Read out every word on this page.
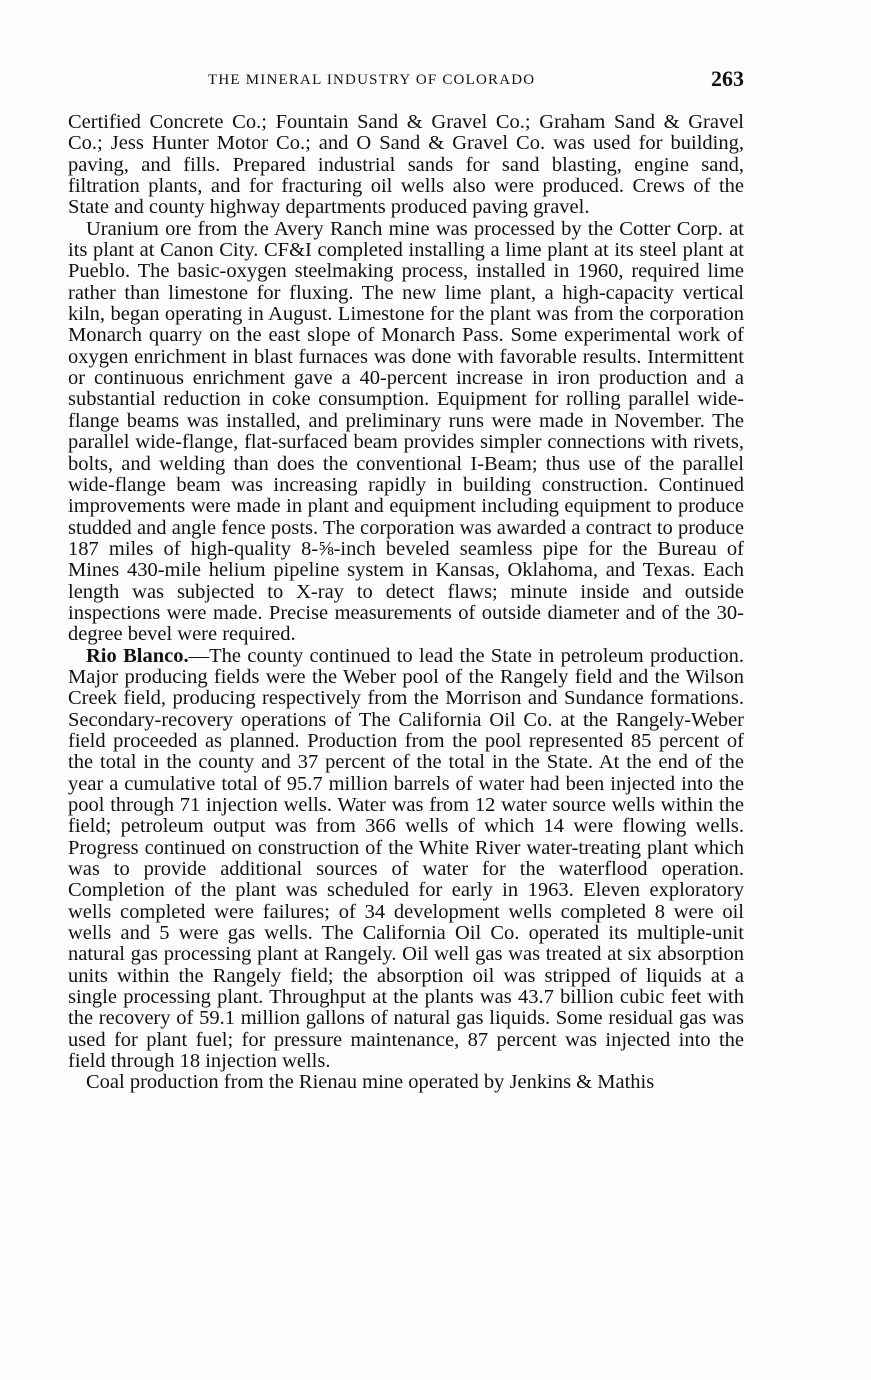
THE MINERAL INDUSTRY OF COLORADO	263

Certified Concrete Co.; Fountain Sand & Gravel Co.; Graham Sand & Gravel Co.; Jess Hunter Motor Co.; and O Sand & Gravel Co. was used for building, paving, and fills. Prepared industrial sands for sand blasting, engine sand, filtration plants, and for fracturing oil wells also were produced. Crews of the State and county highway departments produced paving gravel.

Uranium ore from the Avery Ranch mine was processed by the Cotter Corp. at its plant at Canon City. CF&I completed installing a lime plant at its steel plant at Pueblo. The basic-oxygen steelmaking process, installed in 1960, required lime rather than limestone for fluxing. The new lime plant, a high-capacity vertical kiln, began operating in August. Limestone for the plant was from the corporation Monarch quarry on the east slope of Monarch Pass. Some experimental work of oxygen enrichment in blast furnaces was done with favorable results. Intermittent or continuous enrichment gave a 40-percent increase in iron production and a substantial reduction in coke consumption. Equipment for rolling parallel wide-flange beams was installed, and preliminary runs were made in November. The parallel wide-flange, flat-surfaced beam provides simpler connections with rivets, bolts, and welding than does the conventional I-Beam; thus use of the parallel wide-flange beam was increasing rapidly in building construction. Continued improvements were made in plant and equipment including equipment to produce studded and angle fence posts. The corporation was awarded a contract to produce 187 miles of high-quality 8-⅝-inch beveled seamless pipe for the Bureau of Mines 430-mile helium pipeline system in Kansas, Oklahoma, and Texas. Each length was subjected to X-ray to detect flaws; minute inside and outside inspections were made. Precise measurements of outside diameter and of the 30-degree bevel were required.

Rio Blanco.—The county continued to lead the State in petroleum production. Major producing fields were the Weber pool of the Rangely field and the Wilson Creek field, producing respectively from the Morrison and Sundance formations. Secondary-recovery operations of The California Oil Co. at the Rangely-Weber field proceeded as planned. Production from the pool represented 85 percent of the total in the county and 37 percent of the total in the State. At the end of the year a cumulative total of 95.7 million barrels of water had been injected into the pool through 71 injection wells. Water was from 12 water source wells within the field; petroleum output was from 366 wells of which 14 were flowing wells. Progress continued on construction of the White River water-treating plant which was to provide additional sources of water for the waterflood operation. Completion of the plant was scheduled for early in 1963. Eleven exploratory wells completed were failures; of 34 development wells completed 8 were oil wells and 5 were gas wells. The California Oil Co. operated its multiple-unit natural gas processing plant at Rangely. Oil well gas was treated at six absorption units within the Rangely field; the absorption oil was stripped of liquids at a single processing plant. Throughput at the plants was 43.7 billion cubic feet with the recovery of 59.1 million gallons of natural gas liquids. Some residual gas was used for plant fuel; for pressure maintenance, 87 percent was injected into the field through 18 injection wells.

Coal production from the Rienau mine operated by Jenkins & Mathis
